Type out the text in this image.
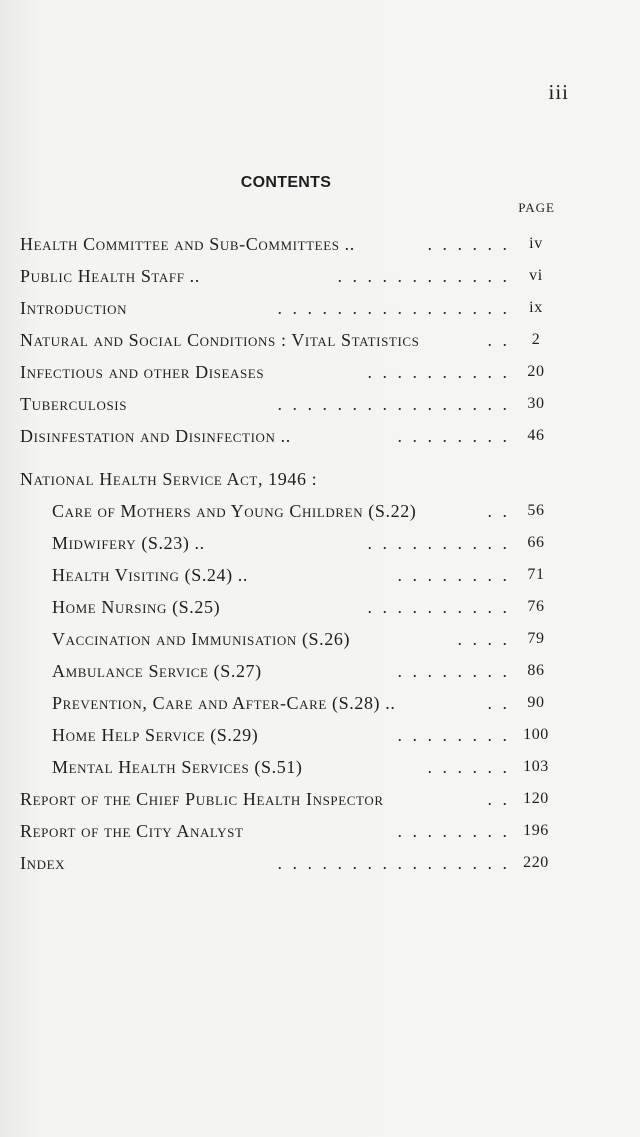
iii
CONTENTS
PAGE
Health Committee and Sub-Committees ..	. . . . . .	iv
Public Health Staff ..	. . . . . . . . . . . .	vi
Introduction	. . . . . . . . . . . . . . . .	ix
Natural and Social Conditions : Vital Statistics	. .	2
Infectious and other Diseases	. . . . . . . . . .	20
Tuberculosis	. . . . . . . . . . . . . . . .	30
Disinfestation and Disinfection ..	. . . . . . . .	46
National Health Service Act, 1946 :
Care of Mothers and Young Children (S.22)	. .	56
Midwifery (S.23) ..	. . . . . . . . . .	66
Health Visiting (S.24) ..	. . . . . . . .	71
Home Nursing (S.25)	. . . . . . . . . .	76
Vaccination and Immunisation (S.26)	. . . .	79
Ambulance Service (S.27)	. . . . . . . .	86
Prevention, Care and After-Care (S.28) ..	. .	90
Home Help Service (S.29)	. . . . . . . . 100
Mental Health Services (S.51)	. . . . . . 103
Report of the Chief Public Health Inspector	. . 120
Report of the City Analyst	. . . . . . . . 196
Index	. . . . . . . . . . . . . . . . 220
